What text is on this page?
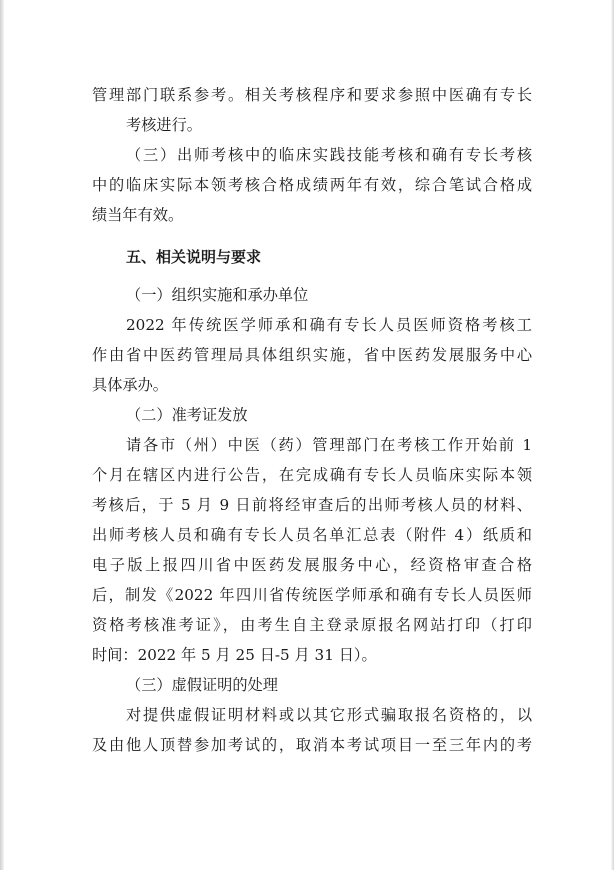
管理部门联系参考。相关考核程序和要求参照中医确有专长
考核进行。
（三）出师考核中的临床实践技能考核和确有专长考核
中的临床实际本领考核合格成绩两年有效，综合笔试合格成
绩当年有效。
五、相关说明与要求
（一）组织实施和承办单位
2022 年传统医学师承和确有专长人员医师资格考核工
作由省中医药管理局具体组织实施，省中医药发展服务中心
具体承办。
（二）准考证发放
请各市（州）中医（药）管理部门在考核工作开始前 1
个月在辖区内进行公告，在完成确有专长人员临床实际本领
考核后，于 5 月 9 日前将经审查后的出师考核人员的材料、
出师考核人员和确有专长人员名单汇总表（附件 4）纸质和
电子版上报四川省中医药发展服务中心，经资格审查合格
后，制发《2022 年四川省传统医学师承和确有专长人员医师
资格考核准考证》，由考生自主登录原报名网站打印（打印
时间：2022 年 5 月 25 日-5 月 31 日）。
（三）虚假证明的处理
对提供虚假证明材料或以其它形式骗取报名资格的，以
及由他人顶替参加考试的，取消本考试项目一至三年内的考
